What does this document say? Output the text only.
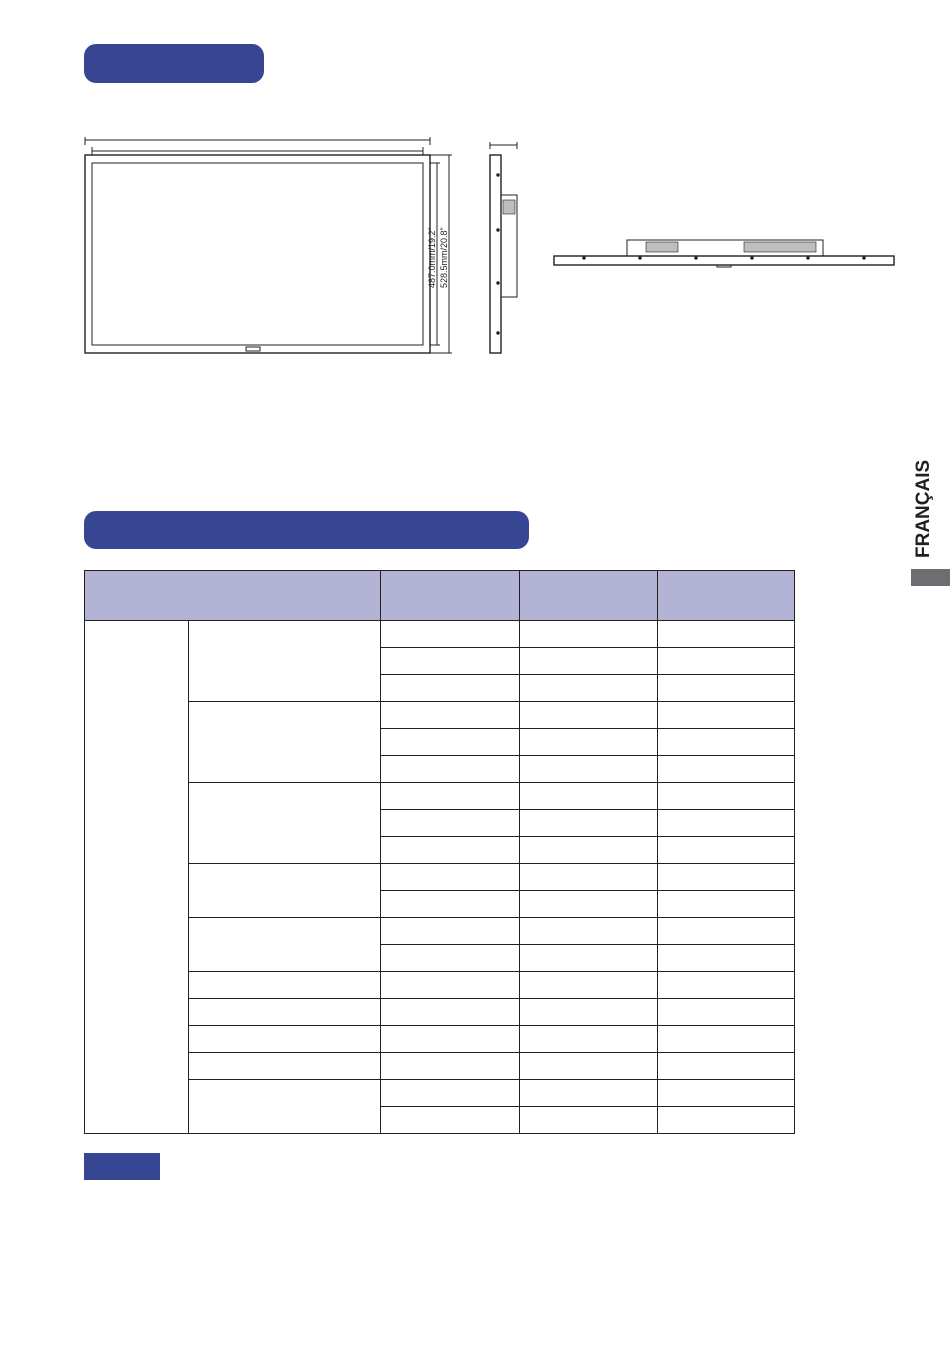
487.0mm/19.2" 528.5mm/20.8"
FRANÇAIS
